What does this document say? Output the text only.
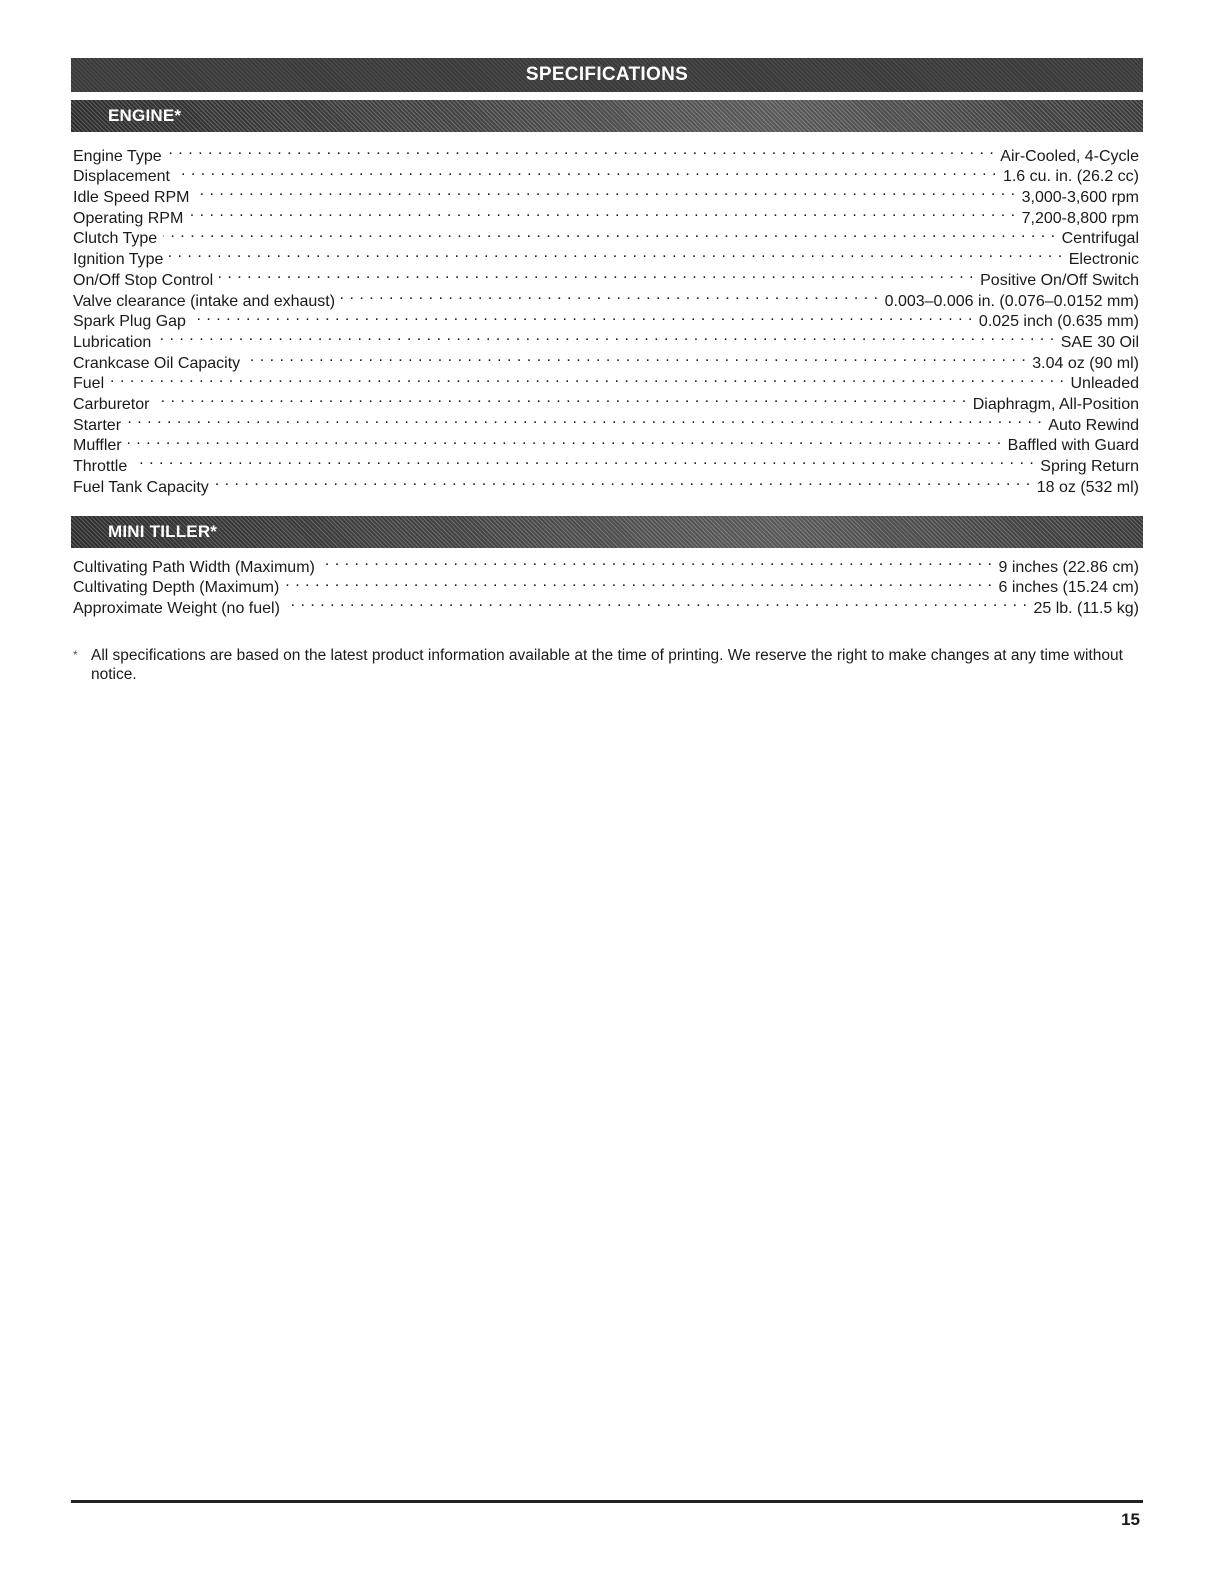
SPECIFICATIONS
ENGINE*
Engine Type . . .	Air-Cooled, 4-Cycle
Displacement . . .	1.6 cu. in. (26.2 cc)
Idle Speed RPM . . .	3,000-3,600 rpm
Operating RPM . . .	7,200-8,800 rpm
Clutch Type . . .	Centrifugal
Ignition Type . . .	Electronic
On/Off Stop Control . . .	Positive On/Off Switch
Valve clearance (intake and exhaust) . . .	0.003–0.006 in. (0.076–0.0152 mm)
Spark Plug Gap . . .	0.025 inch (0.635 mm)
Lubrication . . .	SAE 30 Oil
Crankcase Oil Capacity . . .	3.04 oz (90 ml)
Fuel . . .	Unleaded
Carburetor . . .	Diaphragm, All-Position
Starter . . .	Auto Rewind
Muffler . . .	Baffled with Guard
Throttle . . .	Spring Return
Fuel Tank Capacity . . .	18 oz (532 ml)
MINI TILLER*
Cultivating Path Width (Maximum) . . .	9 inches (22.86 cm)
Cultivating Depth (Maximum) . . .	6 inches (15.24 cm)
Approximate Weight (no fuel) . . .	25 lb. (11.5 kg)
* All specifications are based on the latest product information available at the time of printing. We reserve the right to make changes at any time without notice.
15
